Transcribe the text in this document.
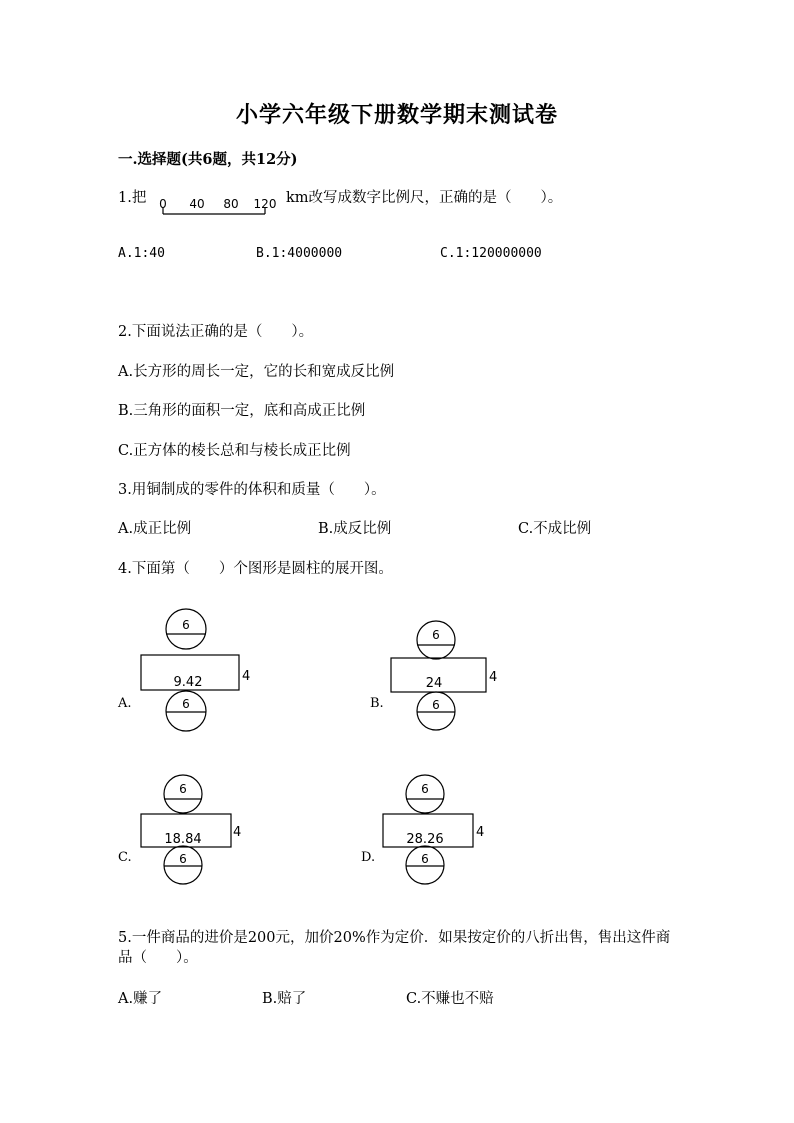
小学六年级下册数学期末测试卷
一.选择题(共6题，共12分)
1.把 0 40 80 120 km改写成数字比例尺，正确的是（　　）。
A.1:40	B.1:4000000	C.1:120000000
2.下面说法正确的是（　　）。
A.长方形的周长一定，它的长和宽成反比例
B.三角形的面积一定，底和高成正比例
C.正方体的棱长总和与棱长成正比例
3.用铜制成的零件的体积和质量（　　）。
A.成正比例	B.成反比例	C.不成比例
4.下面第（　　）个图形是圆柱的展开图。
A.
6
9.42	4
6	B.
6
24	4
6
C.
6
18.84 4
6	D.
6
28.26 4
6
5.一件商品的进价是200元，加价20%作为定价．如果按定价的八折出售，售出这件商品（　　）。
A.赚了	B.赔了	C.不赚也不赔
